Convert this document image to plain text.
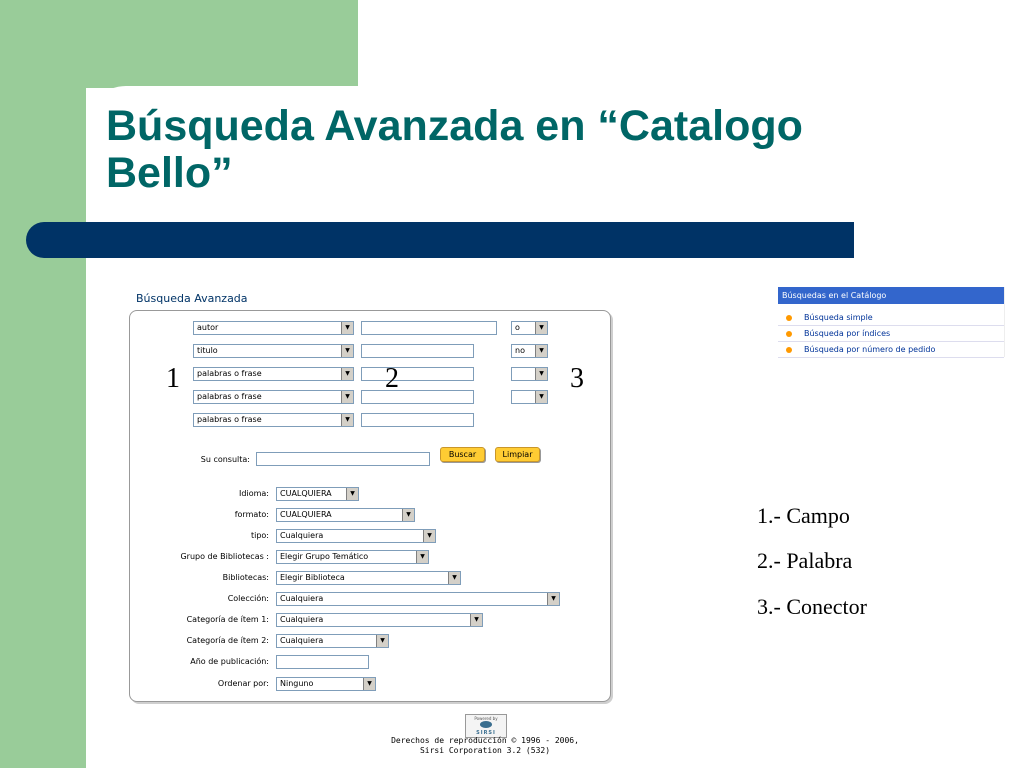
Búsqueda Avanzada en “Catalogo Bello”
Búsqueda Avanzada
autor	▼	o	▼
titulo	▼	no	▼
palabras o frase	▼	▼
palabras o frase	▼	▼
palabras o frase	▼
1	2	3
Su consulta:
Buscar	Limpiar
Idioma:	CUALQUIERA	▼
formato:	CUALQUIERA	▼
tipo:	Cualquiera	▼
Grupo de Bibliotecas :	Elegir Grupo Temático	▼
Bibliotecas:	Elegir Biblioteca	▼
Colección:	Cualquiera	▼
Categoría de ítem 1:	Cualquiera	▼
Categoría de ítem 2:	Cualquiera	▼
Año de publicación:
Ordenar por:	Ninguno	▼
Powered by
SIRSI
Derechos de reproducción © 1996 - 2006,
Sirsi Corporation 3.2 (532)
Búsquedas en el Catálogo
Búsqueda simple
Búsqueda por índices
Búsqueda por número de pedido
1.- Campo
2.- Palabra
3.- Conector
